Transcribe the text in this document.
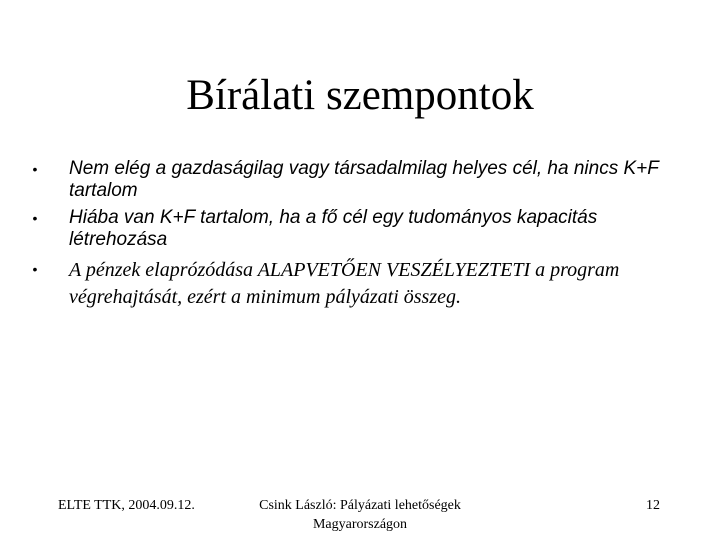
Bírálati szempontok
• Nem elég a gazdaságilag vagy társadalmilag helyes cél, ha nincs K+F tartalom
• Hiába van K+F tartalom, ha a fő cél egy tudományos kapacitás létrehozása
• A pénzek elaprózódása ALAPVETŐEN VESZÉLYEZTETI a program végrehajtását, ezért a minimum pályázati összeg.
ELTE TTK, 2004.09.12.	Csink László: Pályázati lehetőségek
Magyarországon
12
